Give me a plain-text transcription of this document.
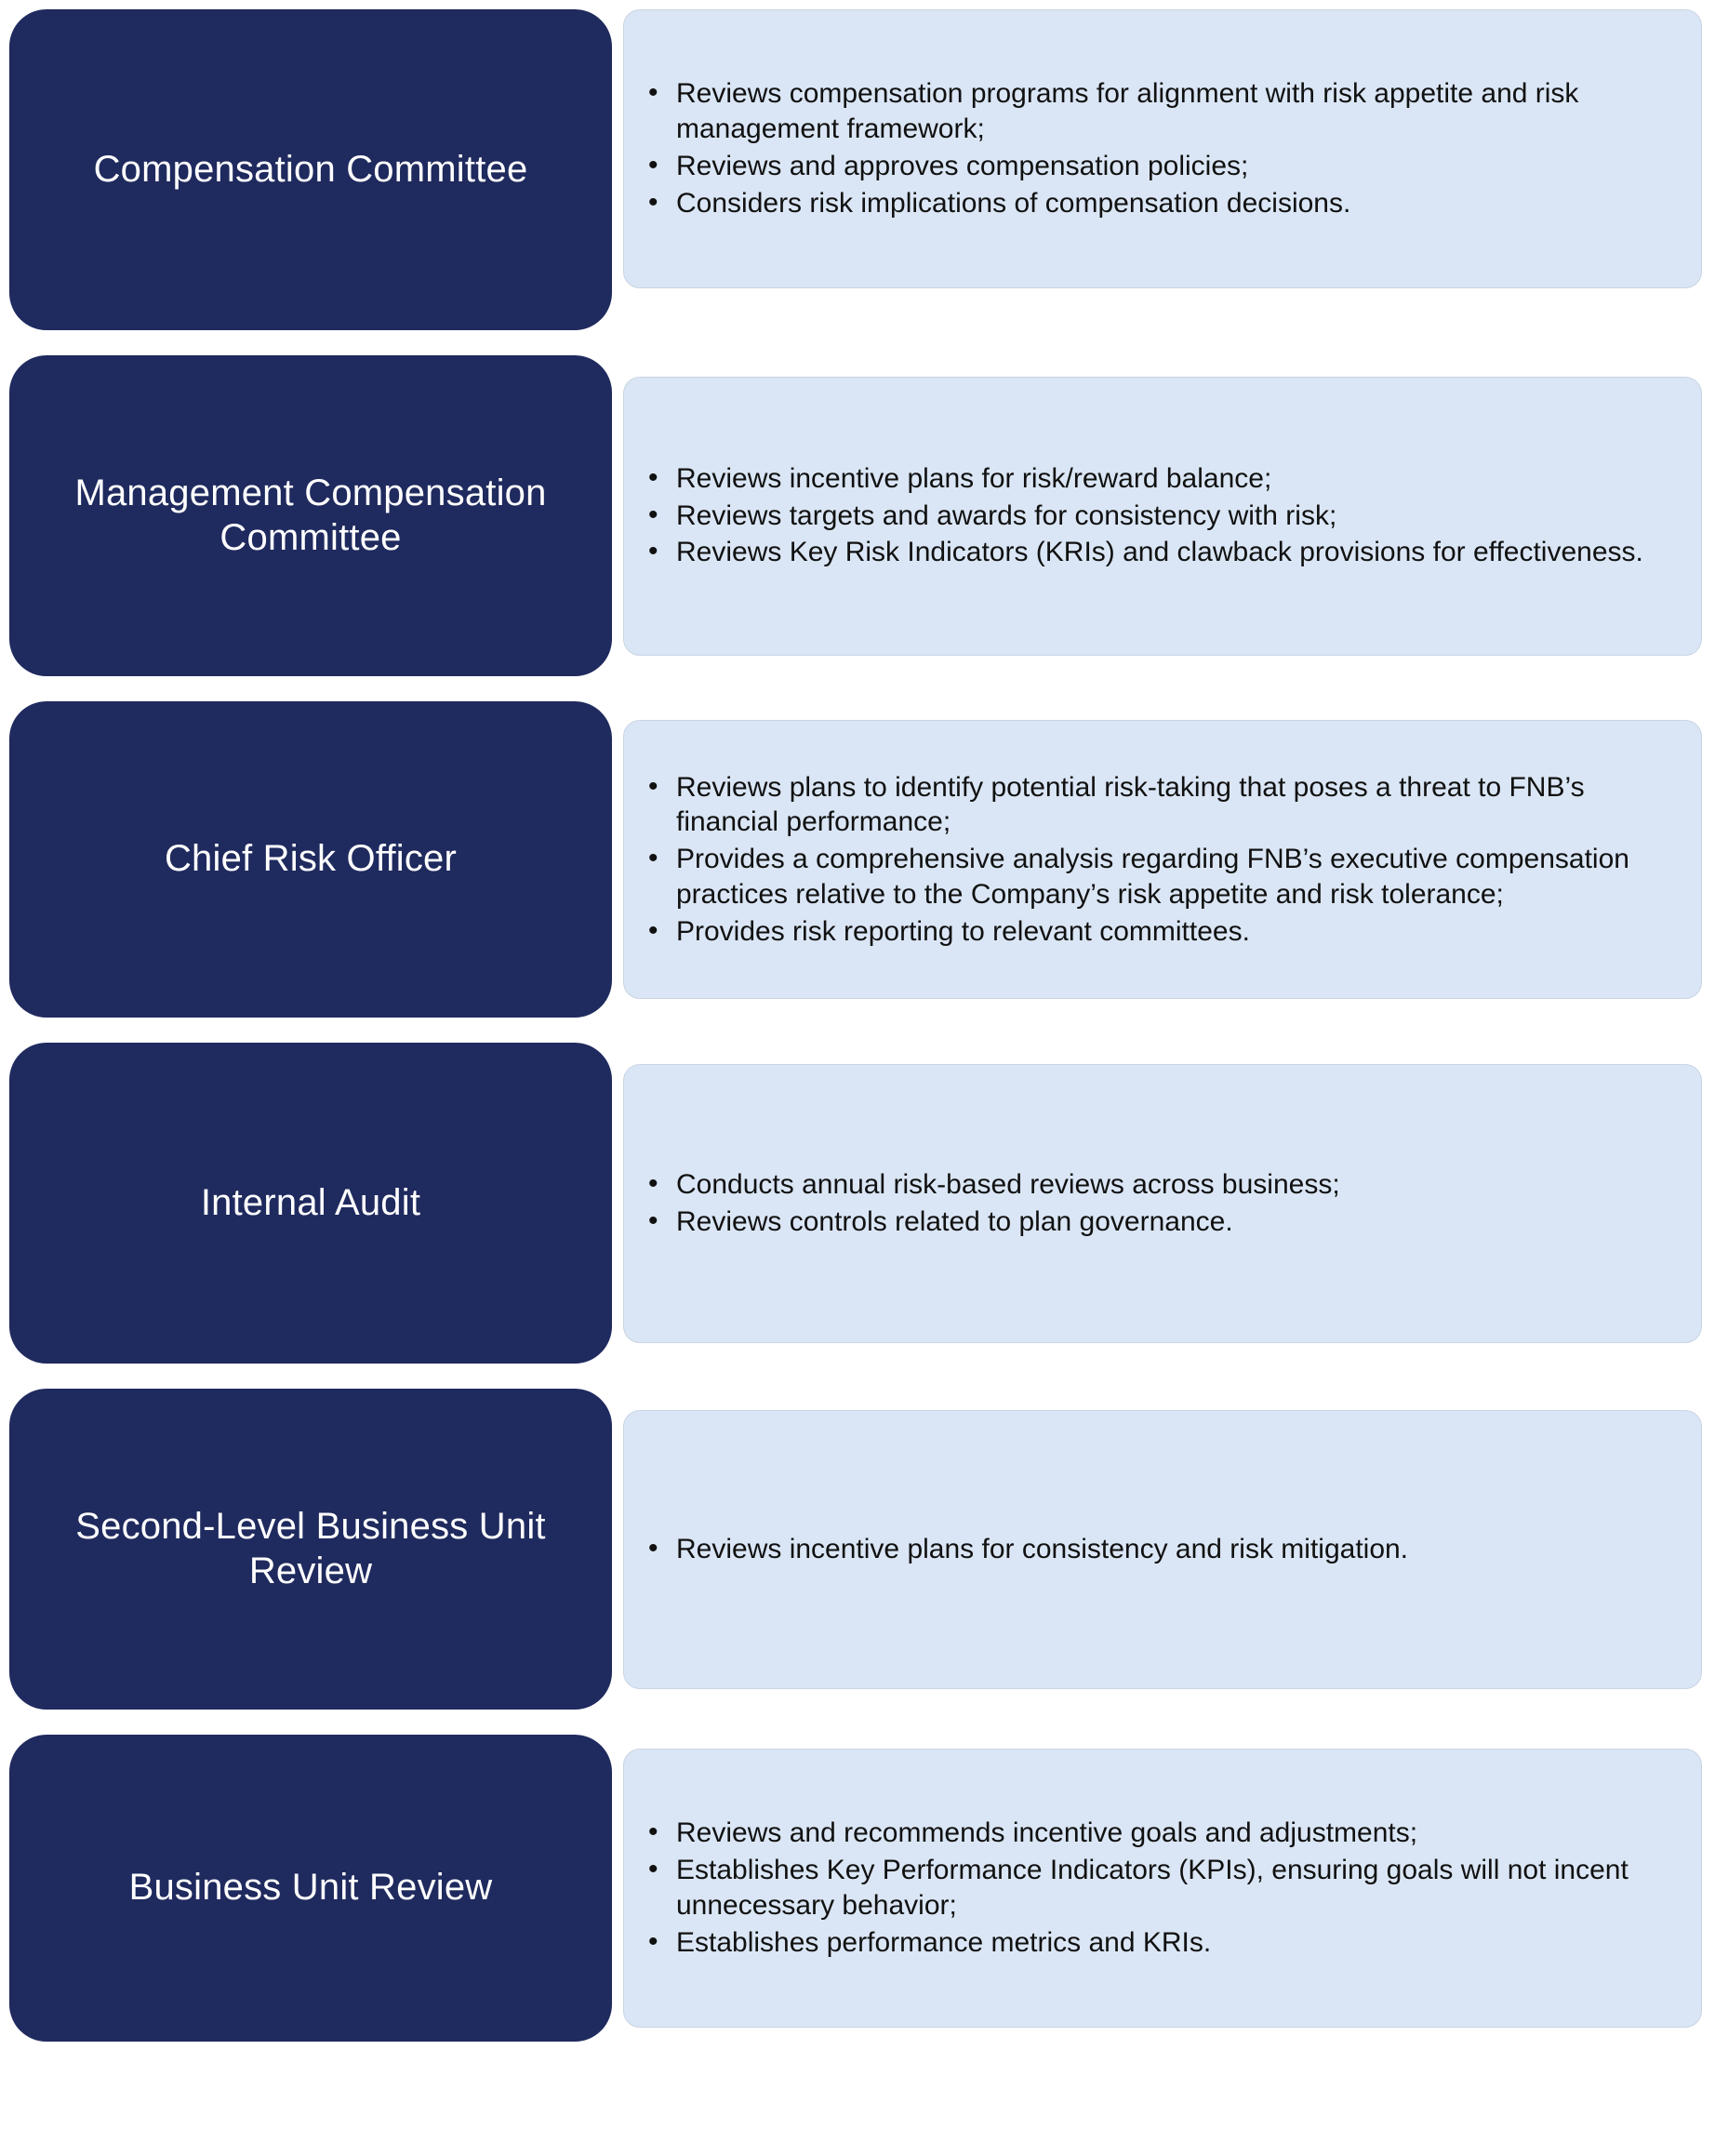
Compensation Committee
• Reviews compensation programs for alignment with risk appetite and risk management framework;
• Reviews and approves compensation policies;
• Considers risk implications of compensation decisions.
Management Compensation Committee
• Reviews incentive plans for risk/reward balance;
• Reviews targets and awards for consistency with risk;
• Reviews Key Risk Indicators (KRIs) and clawback provisions for effectiveness.
Chief Risk Officer
• Reviews plans to identify potential risk-taking that poses a threat to FNB’s financial performance;
• Provides a comprehensive analysis regarding FNB’s executive compensation practices relative to the Company’s risk appetite and risk tolerance;
• Provides risk reporting to relevant committees.
Internal Audit	• Conducts annual risk-based reviews across business;
• Reviews controls related to plan governance.
Second-Level Business Unit Review
• Reviews incentive plans for consistency and risk mitigation.
Business Unit Review
• Reviews and recommends incentive goals and adjustments;
• Establishes Key Performance Indicators (KPIs), ensuring goals will not incent unnecessary behavior;
• Establishes performance metrics and KRIs.
